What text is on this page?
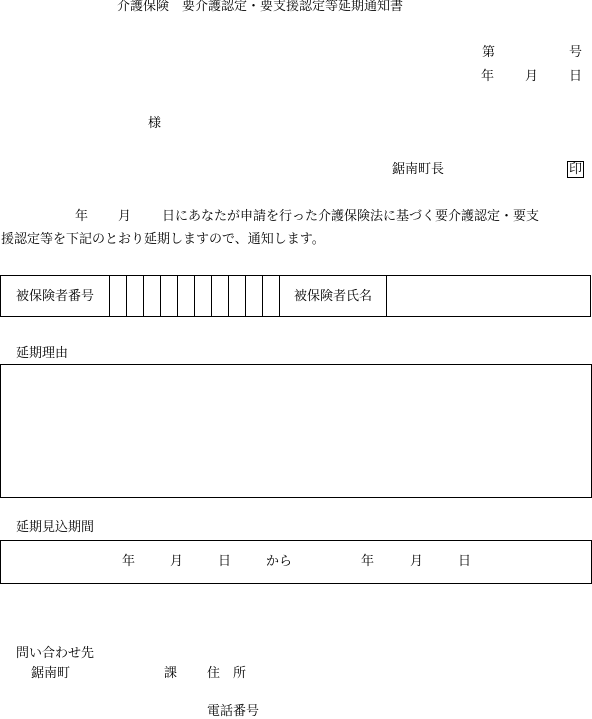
介護保険　要介護認定・要支援認定等延期通知書
第	号
年 月 日
様
鋸南町長	印
年 月 日にあなたが申請を行った介護保険法に基づく要介護認定・要支
援認定等を下記のとおり延期しますので、通知します。
被保険者番号											被保険者氏名	
延期理由
延期見込期間
年	月	日	から	年	月	日
問い合わせ先
鋸南町	課 住　所
電話番号
